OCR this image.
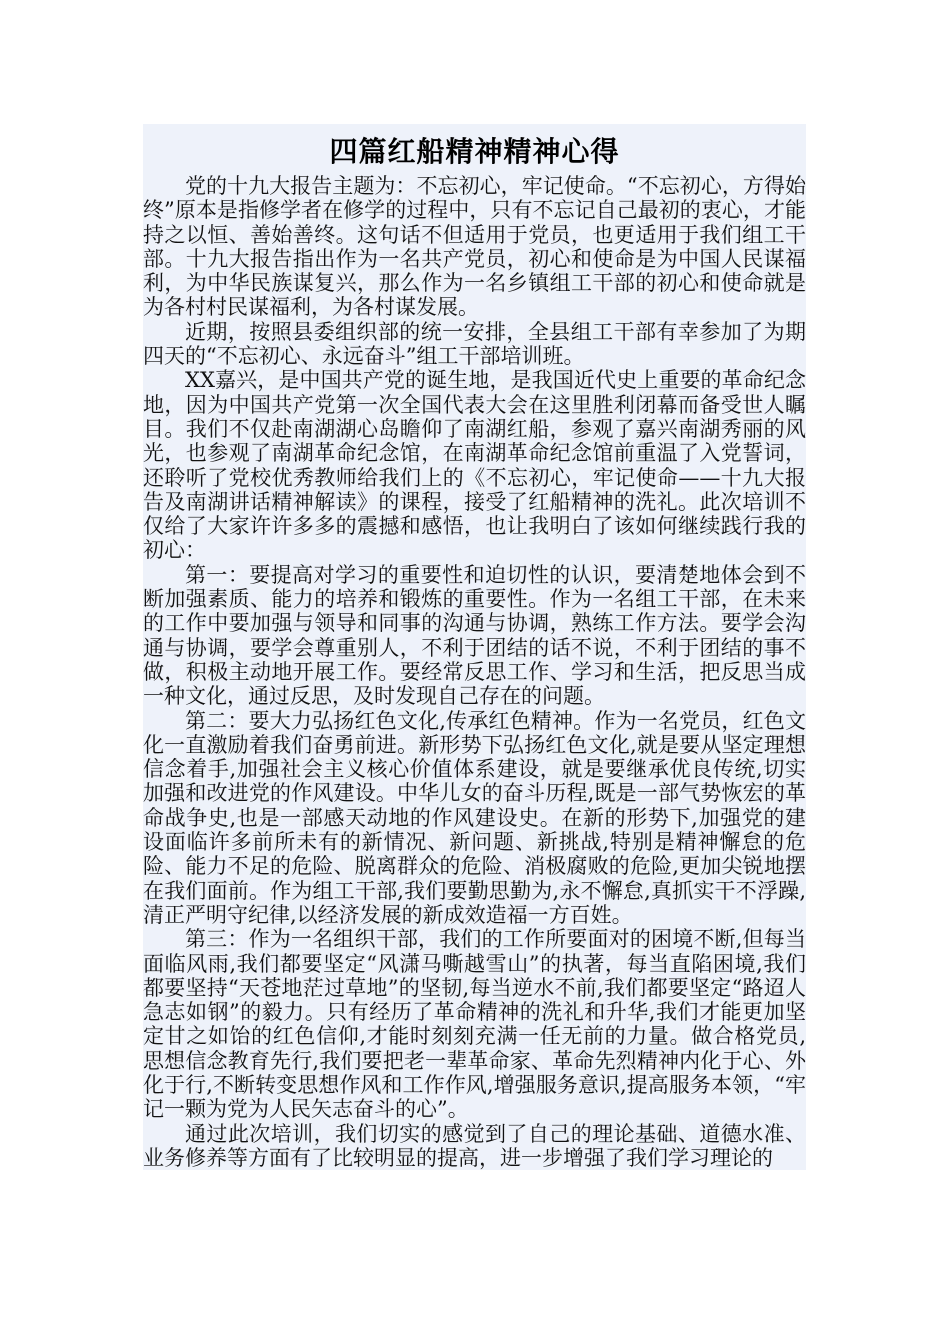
四篇红船精神精神心得

党的十九大报告主题为：不忘初心，牢记使命。“不忘初心，方得始终”原本是指修学者在修学的过程中，只有不忘记自己最初的衷心，才能持之以恒、善始善终。这句话不但适用于党员，也更适用于我们组工干部。十九大报告指出作为一名共产党员，初心和使命是为中国人民谋福利，为中华民族谋复兴，那么作为一名乡镇组工干部的初心和使命就是为各村村民谋福利，为各村谋发展。

近期，按照县委组织部的统一安排，全县组工干部有幸参加了为期四天的“不忘初心、永远奋斗”组工干部培训班。

XX嘉兴，是中国共产党的诞生地，是我国近代史上重要的革命纪念地，因为中国共产党第一次全国代表大会在这里胜利闭幕而备受世人瞩目。我们不仅赴南湖湖心岛瞻仰了南湖红船，参观了嘉兴南湖秀丽的风光，也参观了南湖革命纪念馆，在南湖革命纪念馆前重温了入党誓词，还聆听了党校优秀教师给我们上的《不忘初心，牢记使命——十九大报告及南湖讲话精神解读》的课程，接受了红船精神的洗礼。此次培训不仅给了大家许许多多的震撼和感悟，也让我明白了该如何继续践行我的初心：

第一：要提高对学习的重要性和迫切性的认识，要清楚地体会到不断加强素质、能力的培养和锻炼的重要性。作为一名组工干部，在未来的工作中要加强与领导和同事的沟通与协调，熟练工作方法。要学会沟通与协调，要学会尊重别人，不利于团结的话不说，不利于团结的事不做，积极主动地开展工作。要经常反思工作、学习和生活，把反思当成一种文化，通过反思，及时发现自己存在的问题。

第二：要大力弘扬红色文化,传承红色精神。作为一名党员，红色文化一直激励着我们奋勇前进。新形势下弘扬红色文化,就是要从坚定理想信念着手,加强社会主义核心价值体系建设，就是要继承优良传统,切实加强和改进党的作风建设。中华儿女的奋斗历程,既是一部气势恢宏的革命战争史,也是一部感天动地的作风建设史。在新的形势下,加强党的建设面临许多前所未有的新情况、新问题、新挑战,特别是精神懈怠的危险、能力不足的危险、脱离群众的危险、消极腐败的危险,更加尖锐地摆在我们面前。作为组工干部,我们要勤思勤为,永不懈怠,真抓实干不浮躁,清正严明守纪律,以经济发展的新成效造福一方百姓。

第三：作为一名组织干部，我们的工作所要面对的困境不断,但每当面临风雨,我们都要坚定“风潇马嘶越雪山”的执著，每当直陷困境,我们都要坚持“天苍地茫过草地”的坚韧,每当逆水不前,我们都要坚定“路迢人急志如钢”的毅力。只有经历了革命精神的洗礼和升华,我们才能更加坚定甘之如饴的红色信仰,才能时刻刻充满一任无前的力量。做合格党员,思想信念教育先行,我们要把老一辈革命家、革命先烈精神内化于心、外化于行,不断转变思想作风和工作作风,增强服务意识,提高服务本领，“牢记一颗为党为人民矢志奋斗的心”。

通过此次培训，我们切实的感觉到了自己的理论基础、道德水准、业务修养等方面有了比较明显的提高，进一步增强了我们学习理论的
